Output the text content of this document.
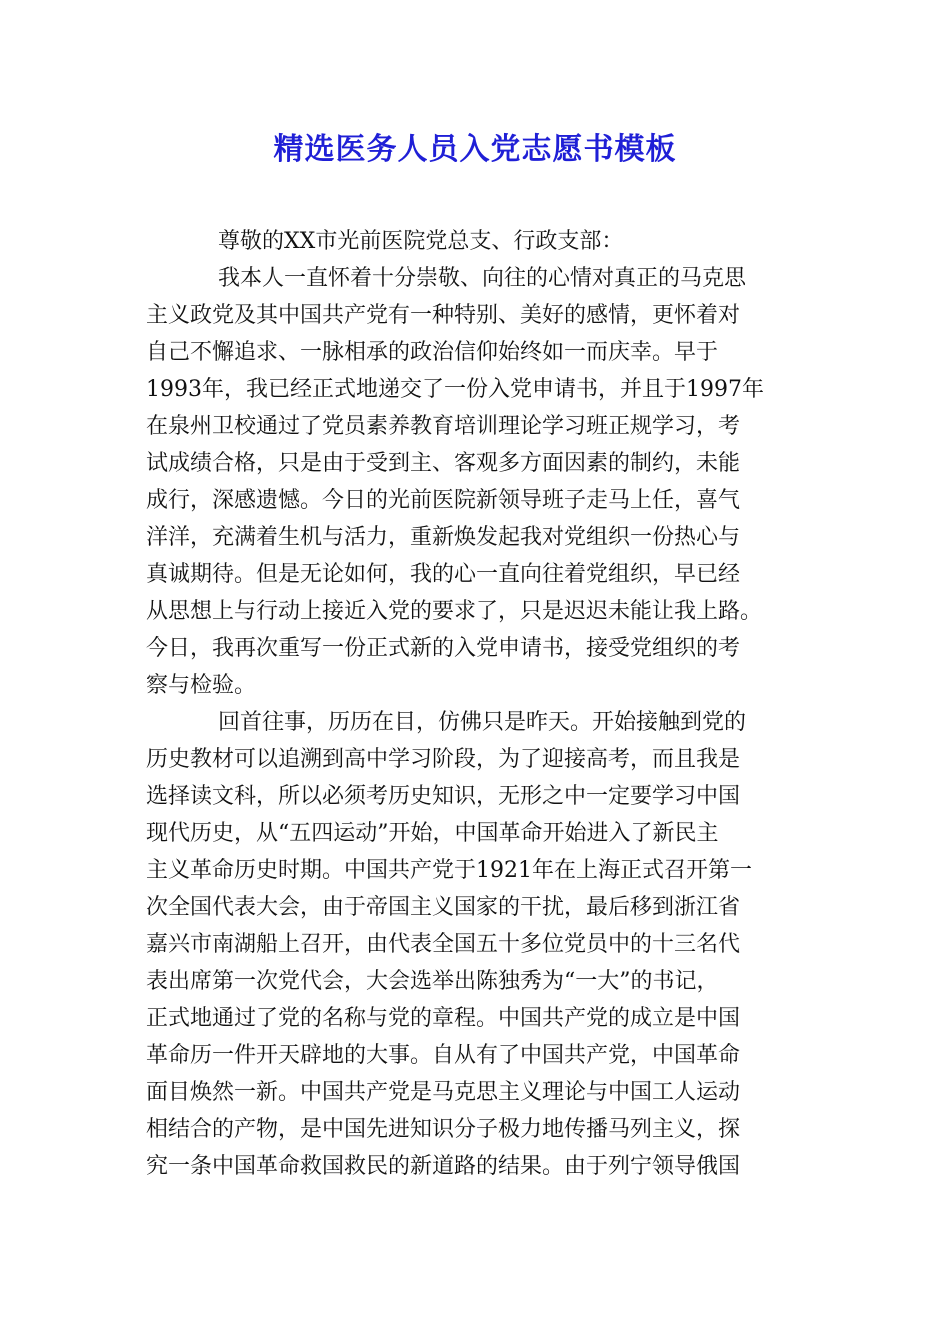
精选医务人员入党志愿书模板
尊敬的XX市光前医院党总支、行政支部：
我本人一直怀着十分崇敬、向往的心情对真正的马克思
主义政党及其中国共产党有一种特别、美好的感情，更怀着对
自己不懈追求、一脉相承的政治信仰始终如一而庆幸。早于
1993年，我已经正式地递交了一份入党申请书，并且于1997年
在泉州卫校通过了党员素养教育培训理论学习班正规学习，考
试成绩合格，只是由于受到主、客观多方面因素的制约，未能
成行，深感遗憾。今日的光前医院新领导班子走马上任，喜气
洋洋，充满着生机与活力，重新焕发起我对党组织一份热心与
真诚期待。但是无论如何，我的心一直向往着党组织，早已经
从思想上与行动上接近入党的要求了，只是迟迟未能让我上路。
今日，我再次重写一份正式新的入党申请书，接受党组织的考
察与检验。
回首往事，历历在目，仿佛只是昨天。开始接触到党的
历史教材可以追溯到高中学习阶段，为了迎接高考，而且我是
选择读文科，所以必须考历史知识，无形之中一定要学习中国
现代历史，从“五四运动”开始，中国革命开始进入了新民主
主义革命历史时期。中国共产党于1921年在上海正式召开第一
次全国代表大会，由于帝国主义国家的干扰，最后移到浙江省
嘉兴市南湖船上召开，由代表全国五十多位党员中的十三名代
表出席第一次党代会，大会选举出陈独秀为“一大”的书记，
正式地通过了党的名称与党的章程。中国共产党的成立是中国
革命历一件开天辟地的大事。自从有了中国共产党，中国革命
面目焕然一新。中国共产党是马克思主义理论与中国工人运动
相结合的产物，是中国先进知识分子极力地传播马列主义，探
究一条中国革命救国救民的新道路的结果。由于列宁领导俄国
